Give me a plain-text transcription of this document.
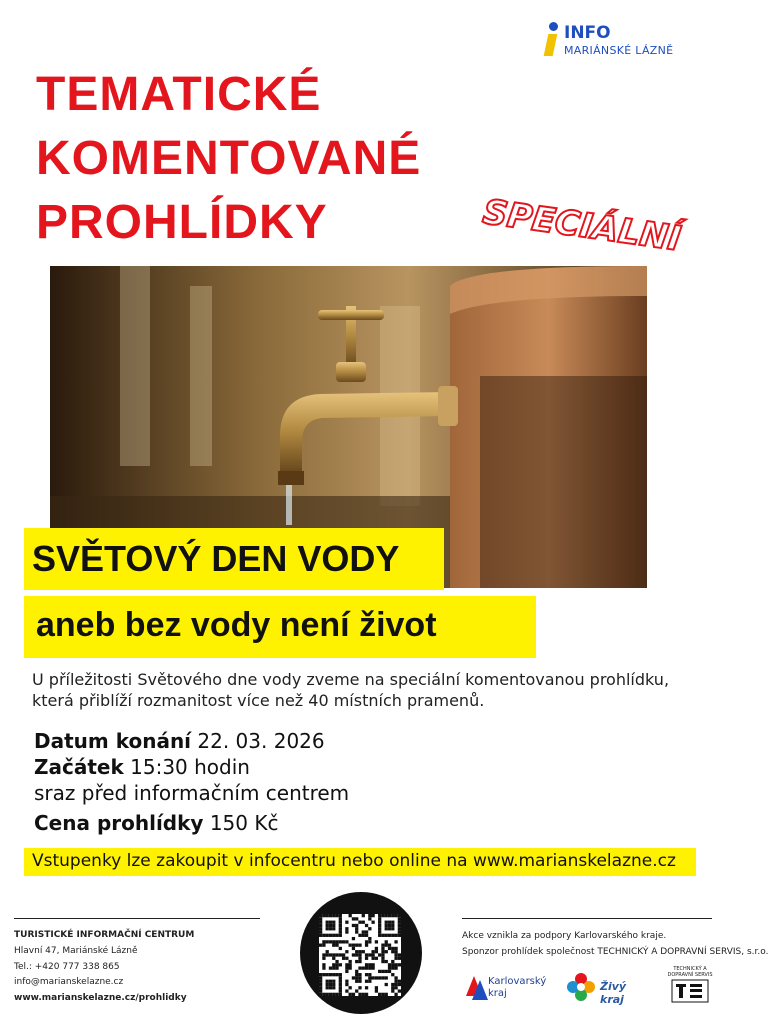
INFO
MARIÁNSKÉ LÁZNĚ
TEMATICKÉ
KOMENTOVANÉ
PROHLÍDKY	SPECIÁLNÍ
SVĚTOVÝ DEN VODY
aneb bez vody není život
U příležitosti Světového dne vody zveme na speciální komentovanou prohlídku,
která přiblíží rozmanitost více než 40 místních pramenů.
Datum konání 22. 03. 2026
Začátek 15:30 hodin
sraz před informačním centrem
Cena prohlídky 150 Kč
Vstupenky lze zakoupit v infocentru nebo online na www.marianskelazne.cz
TURISTICKÉ INFORMAČNÍ CENTRUM
Hlavní 47, Mariánské Lázně
Tel.: +420 777 338 865
info@marianskelazne.cz
www.marianskelazne.cz/prohlidky
Akce vznikla za podpory Karlovarského kraje.
Sponzor prohlídek společnost TECHNICKÝ A DOPRAVNÍ SERVIS, s.r.o.
Karlovarský
kraj
Živý kraj
TECHNICKÝ A DOPRAVNÍ SERVIS
